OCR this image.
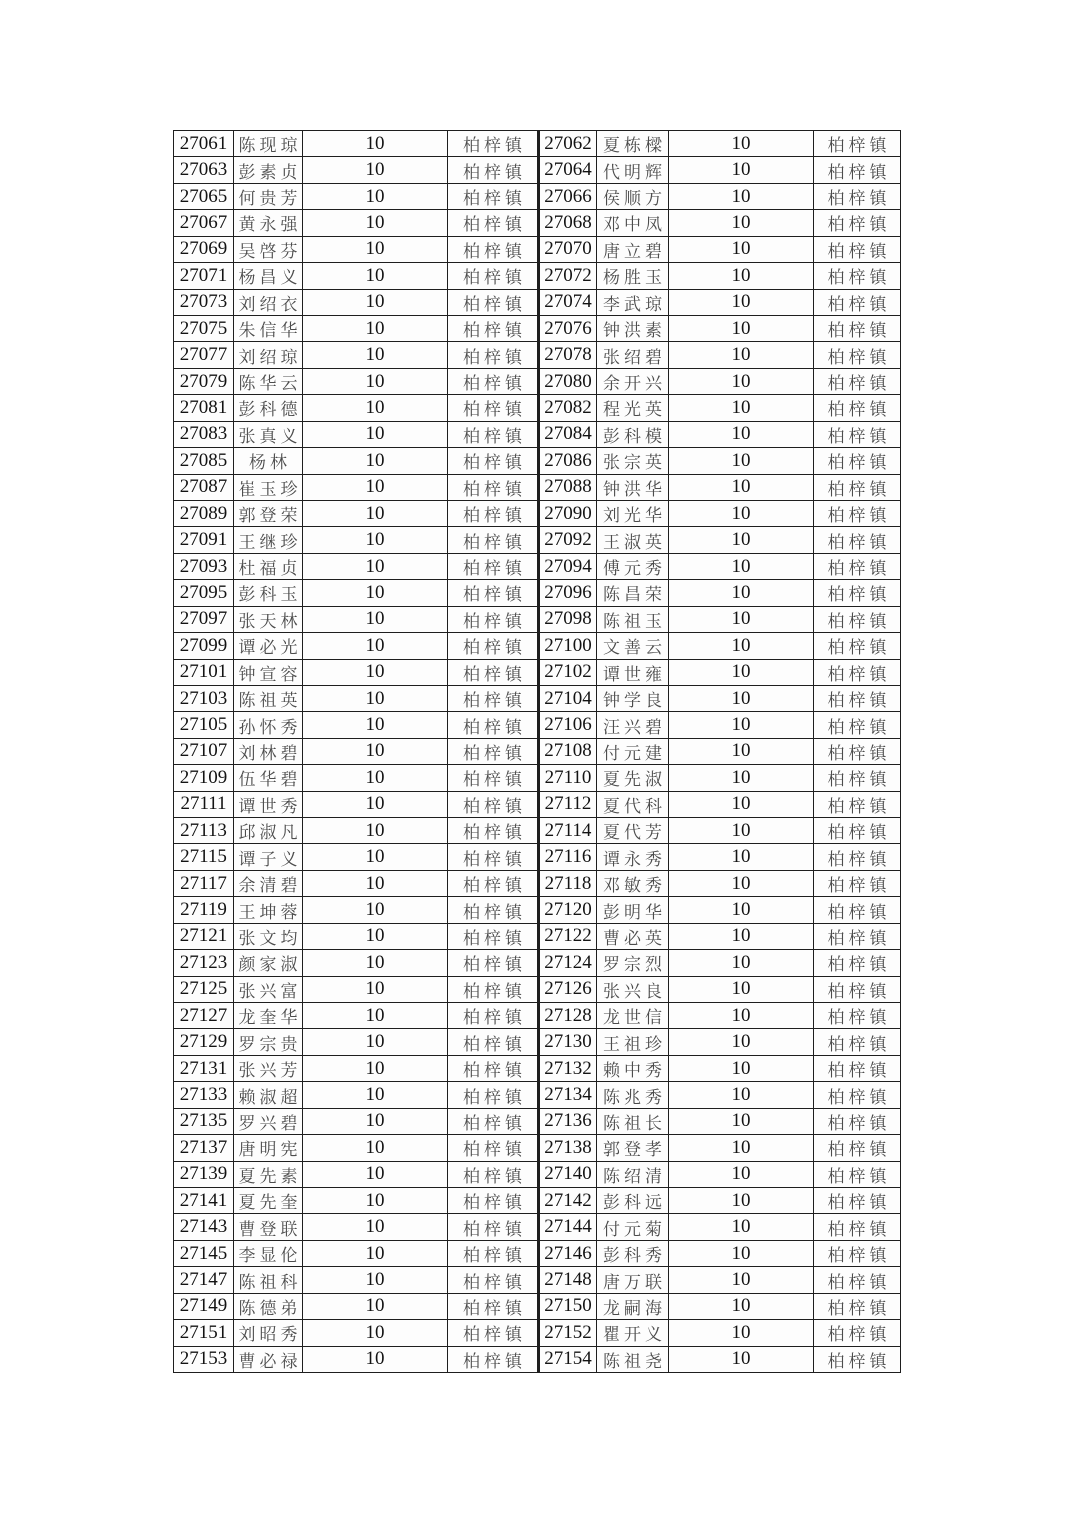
27061 陈现琼	10	柏梓镇 27062 夏栋樑	10	柏梓镇
27063 彭素贞	10	柏梓镇 27064 代明辉	10	柏梓镇
27065 何贵芳	10	柏梓镇 27066 侯顺方	10	柏梓镇
27067 黄永强	10	柏梓镇 27068 邓中凤	10	柏梓镇
27069 吴啓芬	10	柏梓镇 27070 唐立碧	10	柏梓镇
27071 杨昌义	10	柏梓镇 27072 杨胜玉	10	柏梓镇
27073 刘绍衣	10	柏梓镇 27074 李武琼	10	柏梓镇
27075 朱信华	10	柏梓镇 27076 钟洪素	10	柏梓镇
27077 刘绍琼	10	柏梓镇 27078 张绍碧	10	柏梓镇
27079 陈华云	10	柏梓镇 27080 余开兴	10	柏梓镇
27081 彭科德	10	柏梓镇 27082 程光英	10	柏梓镇
27083 张真义	10	柏梓镇 27084 彭科模	10	柏梓镇
27085	杨林	10	柏梓镇 27086 张宗英	10	柏梓镇
27087 崔玉珍	10	柏梓镇 27088 钟洪华	10	柏梓镇
27089 郭登荣	10	柏梓镇 27090 刘光华	10	柏梓镇
27091 王继珍	10	柏梓镇 27092 王淑英	10	柏梓镇
27093 杜福贞	10	柏梓镇 27094 傅元秀	10	柏梓镇
27095 彭科玉	10	柏梓镇 27096 陈昌荣	10	柏梓镇
27097 张天林	10	柏梓镇 27098 陈祖玉	10	柏梓镇
27099 谭必光	10	柏梓镇 27100 文善云	10	柏梓镇
27101 钟宣容	10	柏梓镇 27102 谭世雍	10	柏梓镇
27103 陈祖英	10	柏梓镇 27104 钟学良	10	柏梓镇
27105 孙怀秀	10	柏梓镇 27106 汪兴碧	10	柏梓镇
27107 刘林碧	10	柏梓镇 27108 付元建	10	柏梓镇
27109 伍华碧	10	柏梓镇 27110 夏先淑	10	柏梓镇
27111 谭世秀	10	柏梓镇 27112 夏代科	10	柏梓镇
27113 邱淑凡	10	柏梓镇 27114 夏代芳	10	柏梓镇
27115 谭子义	10	柏梓镇 27116 谭永秀	10	柏梓镇
27117 余清碧	10	柏梓镇 27118 邓敏秀	10	柏梓镇
27119 王坤蓉	10	柏梓镇 27120 彭明华	10	柏梓镇
27121 张文均	10	柏梓镇 27122 曹必英	10	柏梓镇
27123 颜家淑	10	柏梓镇 27124 罗宗烈	10	柏梓镇
27125 张兴富	10	柏梓镇 27126 张兴良	10	柏梓镇
27127 龙奎华	10	柏梓镇 27128 龙世信	10	柏梓镇
27129 罗宗贵	10	柏梓镇 27130 王祖珍	10	柏梓镇
27131 张兴芳	10	柏梓镇 27132 赖中秀	10	柏梓镇
27133 赖淑超	10	柏梓镇 27134 陈兆秀	10	柏梓镇
27135 罗兴碧	10	柏梓镇 27136 陈祖长	10	柏梓镇
27137 唐明宪	10	柏梓镇 27138 郭登孝	10	柏梓镇
27139 夏先素	10	柏梓镇 27140 陈绍清	10	柏梓镇
27141 夏先奎	10	柏梓镇 27142 彭科远	10	柏梓镇
27143 曹登联	10	柏梓镇 27144 付元菊	10	柏梓镇
27145 李显伦	10	柏梓镇 27146 彭科秀	10	柏梓镇
27147 陈祖科	10	柏梓镇 27148 唐万联	10	柏梓镇
27149 陈德弟	10	柏梓镇 27150 龙嗣海	10	柏梓镇
27151 刘昭秀	10	柏梓镇 27152 瞿开义	10	柏梓镇
27153 曹必禄	10	柏梓镇 27154 陈祖尧	10	柏梓镇
